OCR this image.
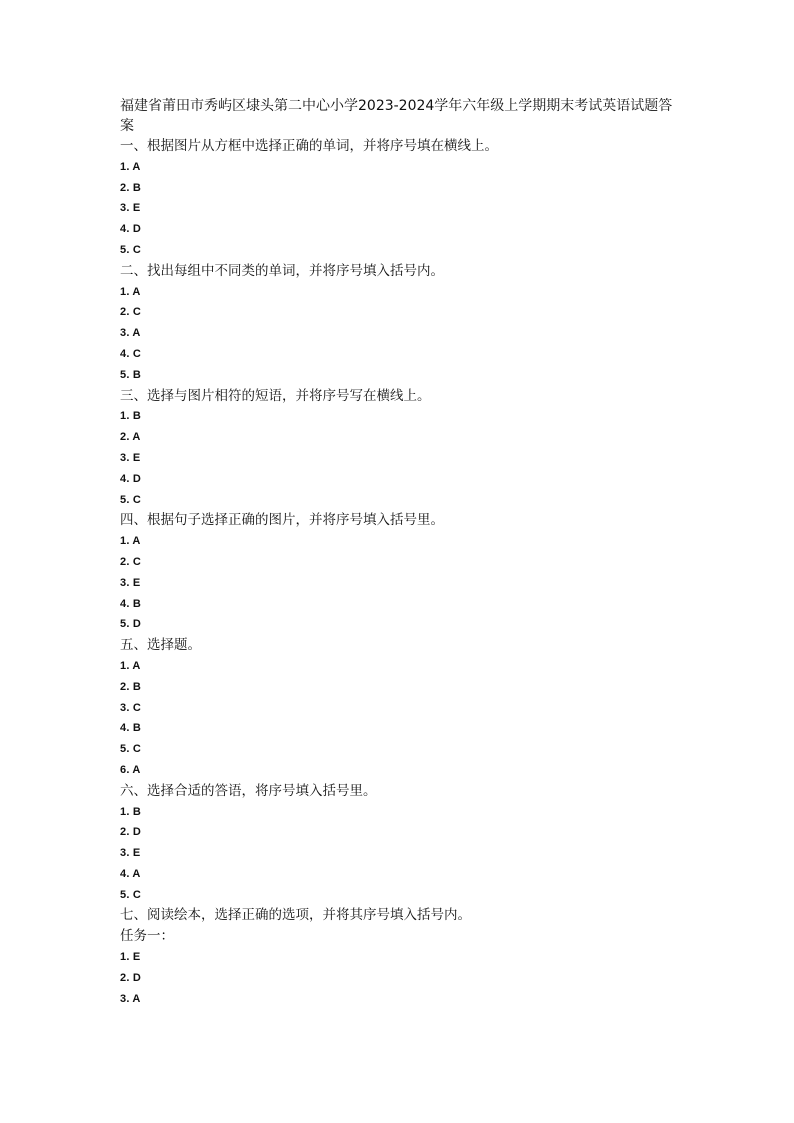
福建省莆田市秀屿区埭头第二中心小学2023-2024学年六年级上学期期末考试英语试题答案

一、根据图片从方框中选择正确的单词，并将序号填在横线上。

1. A

2. B

3. E

4. D

5. C

二、找出每组中不同类的单词，并将序号填入括号内。

1. A

2. C

3. A

4. C

5. B

三、选择与图片相符的短语，并将序号写在横线上。

1. B

2. A

3. E

4. D

5. C

四、根据句子选择正确的图片，并将序号填入括号里。

1. A

2. C

3. E

4. B

5. D

五、选择题。

1. A

2. B

3. C

4. B

5. C

6. A

六、选择合适的答语，将序号填入括号里。

1. B

2. D

3. E

4. A

5. C

七、阅读绘本，选择正确的选项，并将其序号填入括号内。

任务一：

1. E

2. D

3. A
